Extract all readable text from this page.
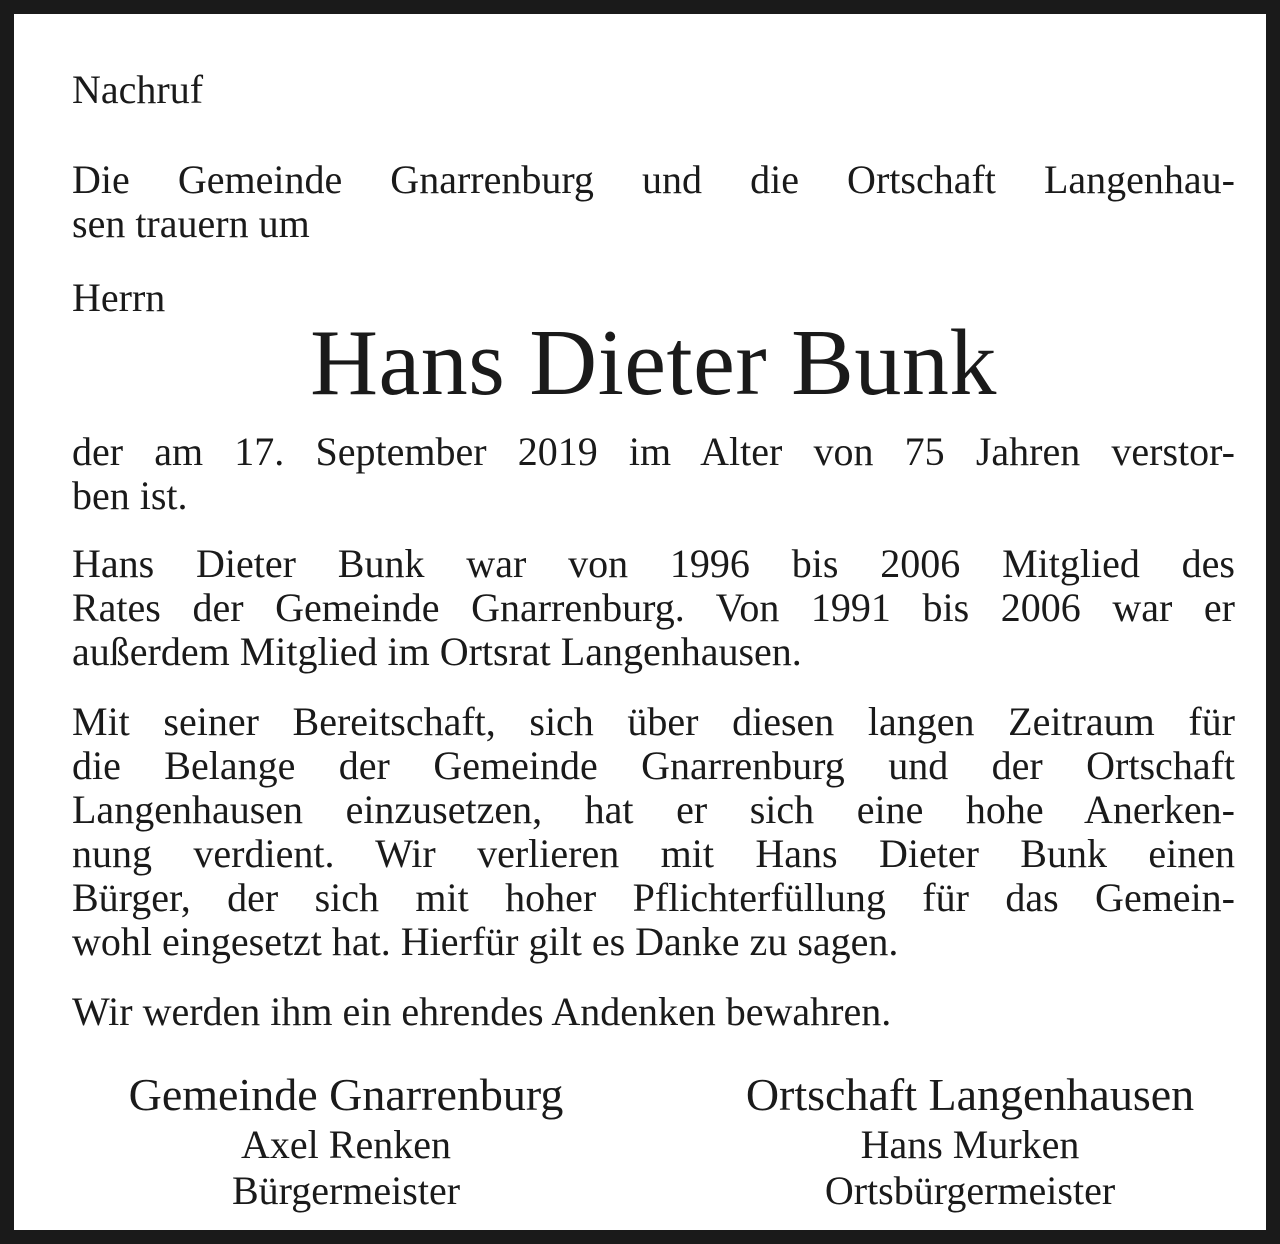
Nachruf

Die Gemeinde Gnarrenburg und die Ortschaft Langenhau-
sen trauern um

Herrn

Hans Dieter Bunk

der am 17. September 2019 im Alter von 75 Jahren verstor-
ben ist.

Hans Dieter Bunk war von 1996 bis 2006 Mitglied des
Rates der Gemeinde Gnarrenburg. Von 1991 bis 2006 war er
außerdem Mitglied im Ortsrat Langenhausen.

Mit seiner Bereitschaft, sich über diesen langen Zeitraum für
die Belange der Gemeinde Gnarrenburg und der Ortschaft
Langenhausen einzusetzen, hat er sich eine hohe Anerken-
nung verdient. Wir verlieren mit Hans Dieter Bunk einen
Bürger, der sich mit hoher Pflichterfüllung für das Gemein-
wohl eingesetzt hat. Hierfür gilt es Danke zu sagen.

Wir werden ihm ein ehrendes Andenken bewahren.

Gemeinde Gnarrenburg
Axel Renken
Bürgermeister
Ortschaft Langenhausen
Hans Murken
Ortsbürgermeister
